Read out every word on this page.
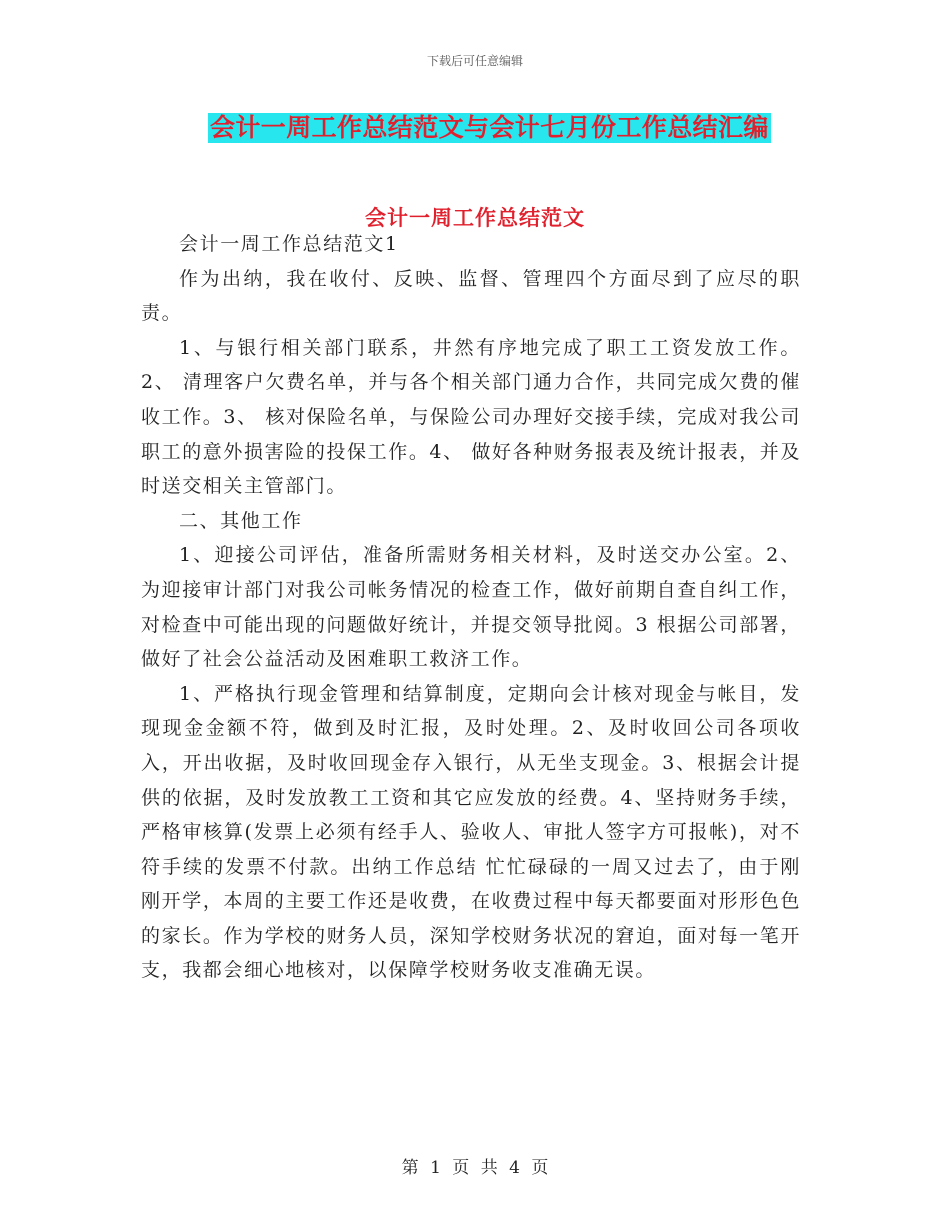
下载后可任意编辑
会计一周工作总结范文与会计七月份工作总结汇编
会计一周工作总结范文

会计一周工作总结范文1

作为出纳，我在收付、反映、监督、管理四个方面尽到了应尽的职责。

1、与银行相关部门联系，井然有序地完成了职工工资发放工作。2、 清理客户欠费名单，并与各个相关部门通力合作，共同完成欠费的催收工作。3、 核对保险名单，与保险公司办理好交接手续，完成对我公司职工的意外损害险的投保工作。4、 做好各种财务报表及统计报表，并及时送交相关主管部门。

二、其他工作

1、迎接公司评估，准备所需财务相关材料，及时送交办公室。2、 为迎接审计部门对我公司帐务情况的检查工作，做好前期自查自纠工作，对检查中可能出现的问题做好统计，并提交领导批阅。3 根据公司部署，做好了社会公益活动及困难职工救济工作。

1、严格执行现金管理和结算制度，定期向会计核对现金与帐目，发现现金金额不符，做到及时汇报，及时处理。2、及时收回公司各项收入，开出收据，及时收回现金存入银行，从无坐支现金。3、根据会计提供的依据，及时发放教工工资和其它应发放的经费。4、坚持财务手续，严格审核算(发票上必须有经手人、验收人、审批人签字方可报帐)，对不符手续的发票不付款。出纳工作总结 忙忙碌碌的一周又过去了，由于刚刚开学，本周的主要工作还是收费，在收费过程中每天都要面对形形色色的家长。作为学校的财务人员，深知学校财务状况的窘迫，面对每一笔开支，我都会细心地核对，以保障学校财务收支准确无误。

第 1 页 共 4 页
